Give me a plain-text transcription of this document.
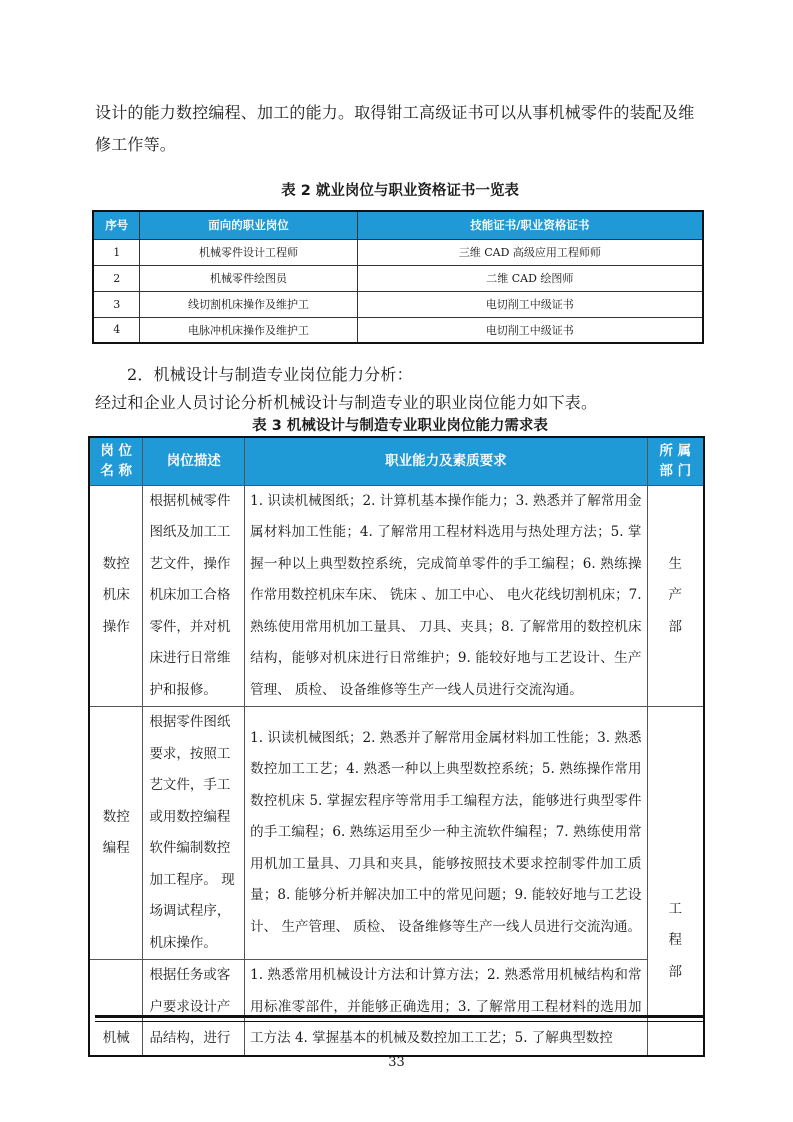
设计的能力数控编程、加工的能力。取得钳工高级证书可以从事机械零件的装配及维修工作等。

表 2 就业岗位与职业资格证书一览表
序号	面向的职业岗位	技能证书/职业资格证书
1	机械零件设计工程师	三维 CAD 高级应用工程师师
2	机械零件绘图员	二维 CAD 绘图师
3	线切割机床操作及维护工	电切削工中级证书
4	电脉冲机床操作及维护工	电切削工中级证书

2．机械设计与制造专业岗位能力分析：

经过和企业人员讨论分析机械设计与制造专业的职业岗位能力如下表。

表 3 机械设计与制造专业职业岗位能力需求表
岗 位 名 称	岗位描述	职业能力及素质要求	所 属 部 门
数控机床操作	根据机械零件图纸及加工工艺文件，操作机床加工合格零件，并对机床进行日常维护和报修。	1. 识读机械图纸；2. 计算机基本操作能力；3. 熟悉并了解常用金属材料加工性能；4. 了解常用工程材料选用与热处理方法；5. 掌握一种以上典型数控系统，完成简单零件的手工编程；6. 熟练操作常用数控机床车床、 铣床 、加工中心、 电火花线切割机床；7. 熟练使用常用机加工量具、 刀具、夹具；8. 了解常用的数控机床结构，能够对机床进行日常维护；9. 能较好地与工艺设计、生产管理、 质检、 设备维修等生产一线人员进行交流沟通。	生产部
数控编程	根据零件图纸要求，按照工艺文件，手工或用数控编程软件编制数控加工程序。 现场调试程序，机床操作。	1. 识读机械图纸；2. 熟悉并了解常用金属材料加工性能；3. 熟悉数控加工工艺；4. 熟悉一种以上典型数控系统；5. 熟练操作常用数控机床 5. 掌握宏程序等常用手工编程方法，能够进行典型零件的手工编程；6. 熟练运用至少一种主流软件编程；7. 熟练使用常用机加工量具、刀具和夹具，能够按照技术要求控制零件加工质量；8. 能够分析并解决加工中的常见问题；9. 能较好地与工艺设计、 生产管理、 质检、 设备维修等生产一线人员进行交流沟通。	工程部
机械	根据任务或客户要求设计产品结构，进行	1. 熟悉常用机械设计方法和计算方法；2. 熟悉常用机械结构和常用标准零部件，并能够正确选用；3. 了解常用工程材料的选用加工方法 4. 掌握基本的机械及数控加工工艺；5. 了解典型数控	
33
